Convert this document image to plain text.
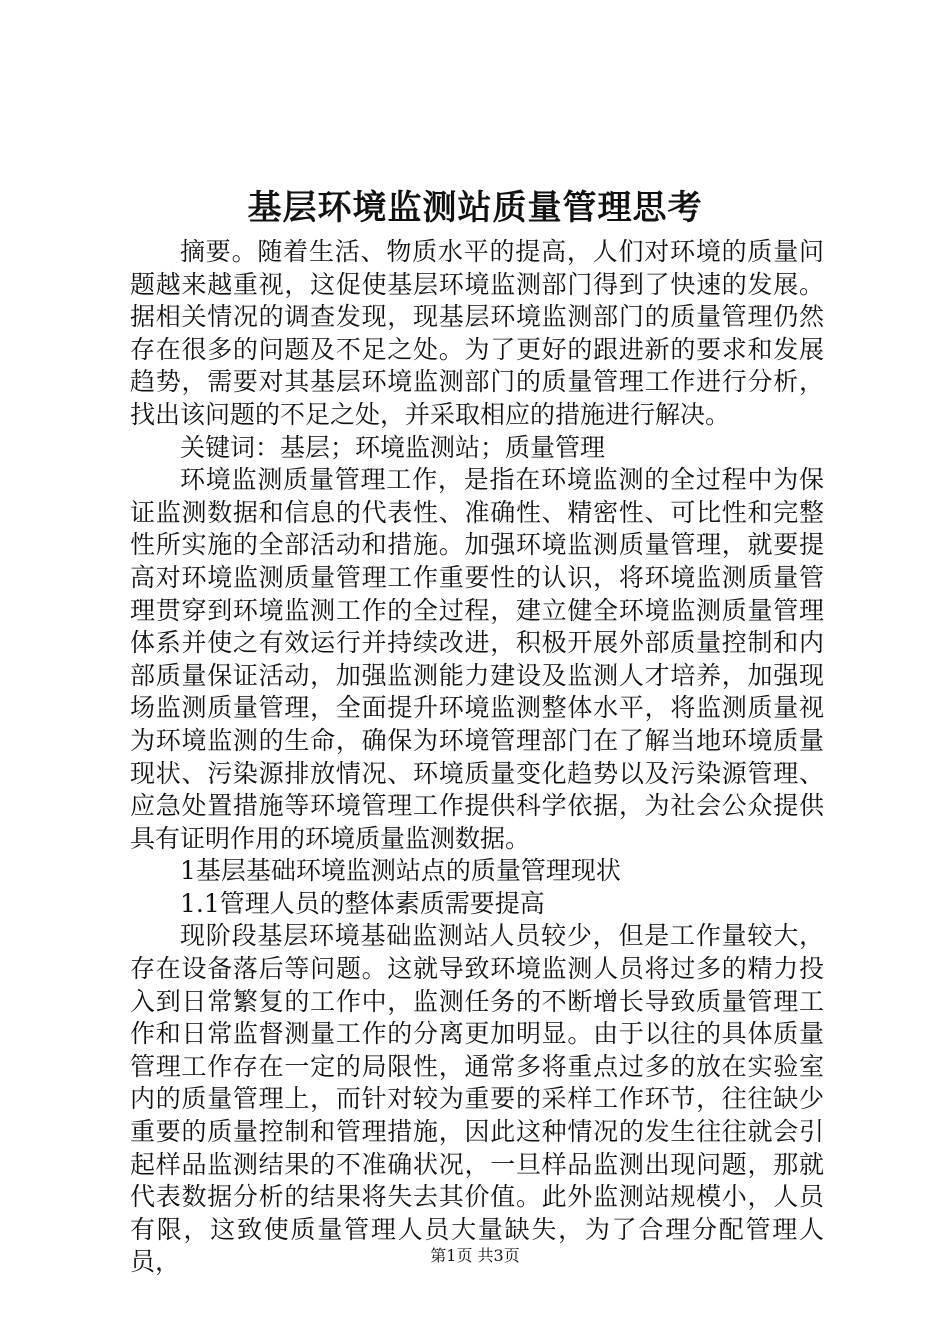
基层环境监测站质量管理思考

摘要。随着生活、物质水平的提高，人们对环境的质量问题越来越重视，这促使基层环境监测部门得到了快速的发展。据相关情况的调查发现，现基层环境监测部门的质量管理仍然存在很多的问题及不足之处。为了更好的跟进新的要求和发展趋势，需要对其基层环境监测部门的质量管理工作进行分析，找出该问题的不足之处，并采取相应的措施进行解决。

关键词：基层；环境监测站；质量管理

环境监测质量管理工作，是指在环境监测的全过程中为保证监测数据和信息的代表性、准确性、精密性、可比性和完整性所实施的全部活动和措施。加强环境监测质量管理，就要提高对环境监测质量管理工作重要性的认识，将环境监测质量管理贯穿到环境监测工作的全过程，建立健全环境监测质量管理体系并使之有效运行并持续改进，积极开展外部质量控制和内部质量保证活动，加强监测能力建设及监测人才培养，加强现场监测质量管理，全面提升环境监测整体水平，将监测质量视为环境监测的生命，确保为环境管理部门在了解当地环境质量现状、污染源排放情况、环境质量变化趋势以及污染源管理、应急处置措施等环境管理工作提供科学依据，为社会公众提供具有证明作用的环境质量监测数据。

1基层基础环境监测站点的质量管理现状

1.1管理人员的整体素质需要提高

现阶段基层环境基础监测站人员较少，但是工作量较大，存在设备落后等问题。这就导致环境监测人员将过多的精力投入到日常繁复的工作中，监测任务的不断增长导致质量管理工作和日常监督测量工作的分离更加明显。由于以往的具体质量管理工作存在一定的局限性，通常多将重点过多的放在实验室内的质量管理上，而针对较为重要的采样工作环节，往往缺少重要的质量控制和管理措施，因此这种情况的发生往往就会引起样品监测结果的不准确状况，一旦样品监测出现问题，那就代表数据分析的结果将失去其价值。此外监测站规模小，人员有限，这致使质量管理人员大量缺失，为了合理分配管理人员，	第1页 共3页
